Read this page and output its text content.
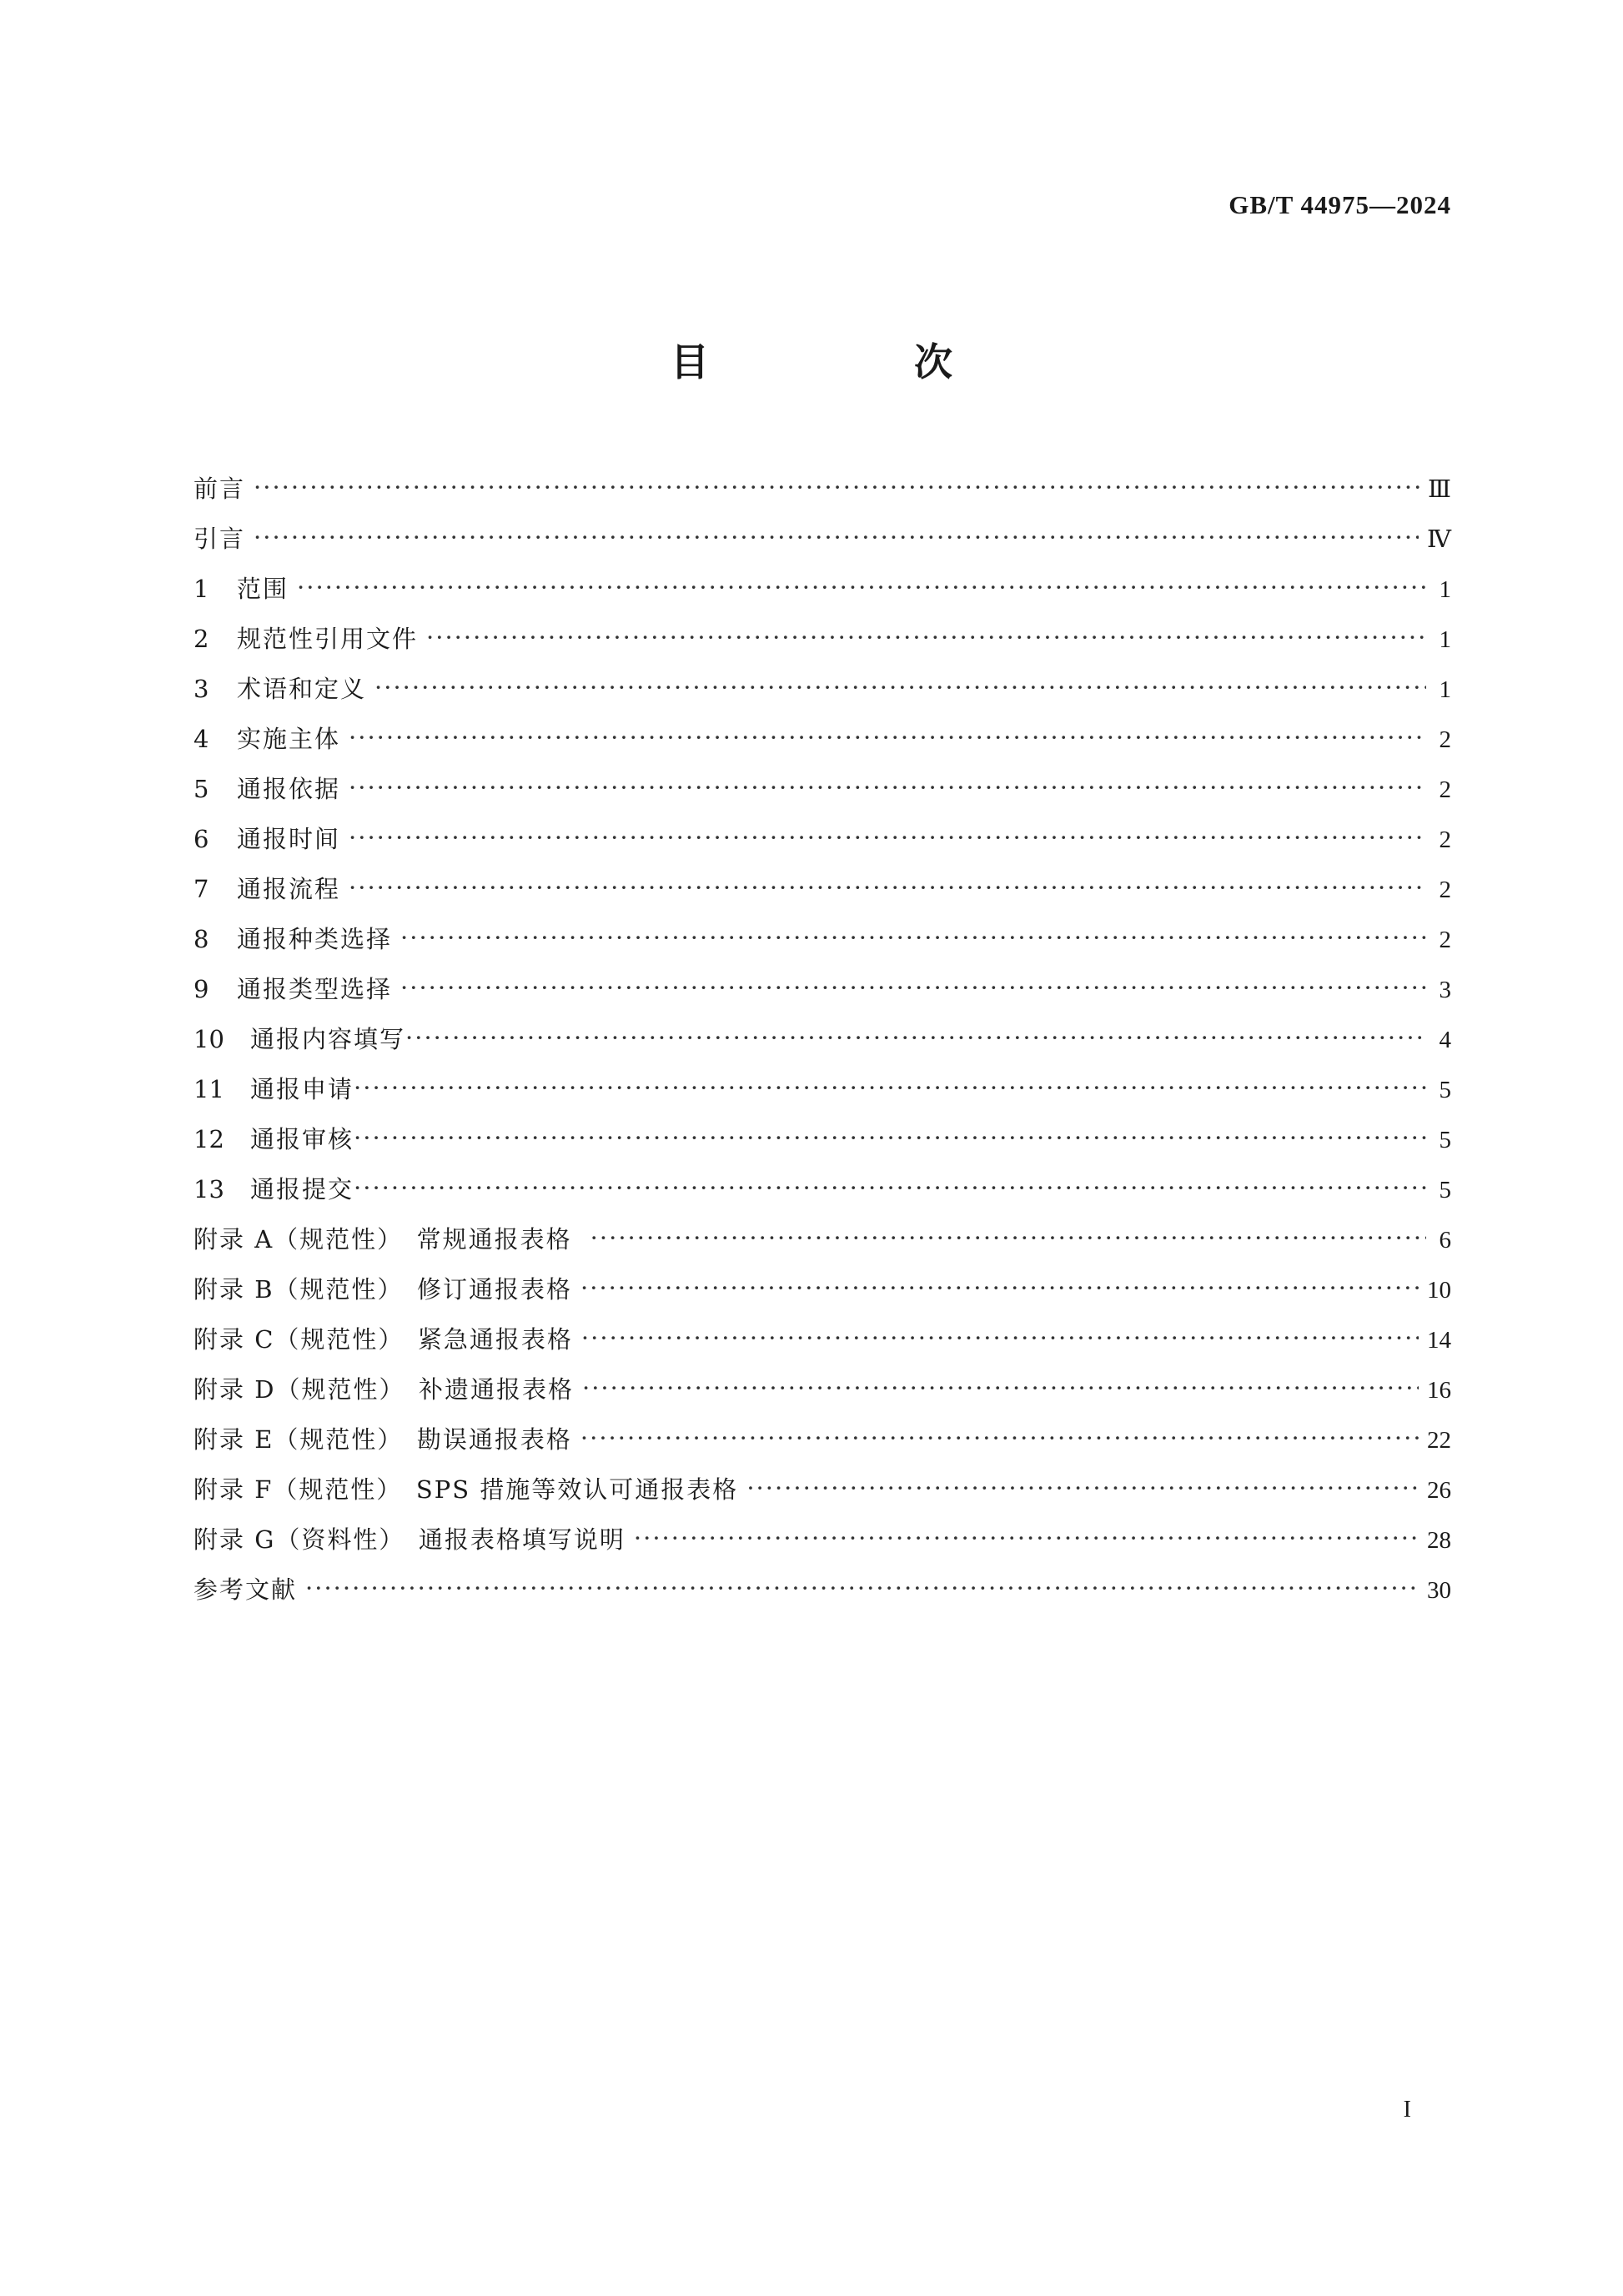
GB/T 44975—2024
目　次
前言 ·····	Ⅲ
引言 ·····	Ⅳ
1	范围 ·····	1
2	规范性引用文件 ·····	1
3	术语和定义 ·····	1
4	实施主体 ·····	2
5	通报依据 ·····	2
6	通报时间 ·····	2
7	通报流程 ·····	2
8	通报种类选择 ·····	2
9	通报类型选择 ·····	3
10	通报内容填写 ·····	4
11	通报申请 ·····	5
12	通报审核 ·····	5
13	通报提交 ·····	5
附录 A（规范性）　常规通报表格 ·····	6
附录 B（规范性）　修订通报表格 ·····	10
附录 C（规范性）　紧急通报表格 ·····	14
附录 D（规范性）　补遗通报表格 ·····	16
附录 E（规范性）　勘误通报表格 ·····	22
附录 F（规范性）　SPS 措施等效认可通报表格 ·····	26
附录 G（资料性）　通报表格填写说明 ·····	28
参考文献 ·····	30
I
